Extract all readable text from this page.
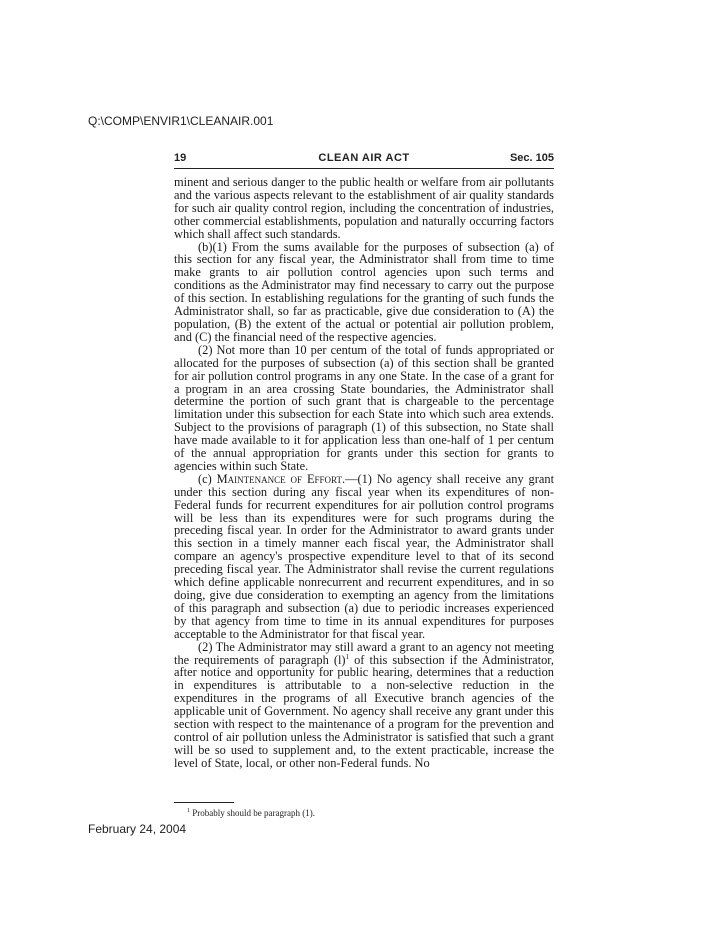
Q:\COMP\ENVIR1\CLEANAIR.001
19	CLEAN AIR ACT	Sec. 105

minent and serious danger to the public health or welfare from air pollutants and the various aspects relevant to the establishment of air quality standards for such air quality control region, including the concentration of industries, other commercial establishments, population and naturally occurring factors which shall affect such standards.

(b)(1) From the sums available for the purposes of subsection (a) of this section for any fiscal year, the Administrator shall from time to time make grants to air pollution control agencies upon such terms and conditions as the Administrator may find necessary to carry out the purpose of this section. In establishing regulations for the granting of such funds the Administrator shall, so far as practicable, give due consideration to (A) the population, (B) the extent of the actual or potential air pollution problem, and (C) the financial need of the respective agencies.

(2) Not more than 10 per centum of the total of funds appropriated or allocated for the purposes of subsection (a) of this section shall be granted for air pollution control programs in any one State. In the case of a grant for a program in an area crossing State boundaries, the Administrator shall determine the portion of such grant that is chargeable to the percentage limitation under this subsection for each State into which such area extends. Subject to the provisions of paragraph (1) of this subsection, no State shall have made available to it for application less than one-half of 1 per centum of the annual appropriation for grants under this section for grants to agencies within such State.

(c) Maintenance of Effort.—(1) No agency shall receive any grant under this section during any fiscal year when its expenditures of non-Federal funds for recurrent expenditures for air pollution control programs will be less than its expenditures were for such programs during the preceding fiscal year. In order for the Administrator to award grants under this section in a timely manner each fiscal year, the Administrator shall compare an agency's prospective expenditure level to that of its second preceding fiscal year. The Administrator shall revise the current regulations which define applicable nonrecurrent and recurrent expenditures, and in so doing, give due consideration to exempting an agency from the limitations of this paragraph and subsection (a) due to periodic increases experienced by that agency from time to time in its annual expenditures for purposes acceptable to the Administrator for that fiscal year.

(2) The Administrator may still award a grant to an agency not meeting the requirements of paragraph $(l)^1$ of this subsection if the Administrator, after notice and opportunity for public hearing, determines that a reduction in expenditures is attributable to a non-selective reduction in the expenditures in the programs of all Executive branch agencies of the applicable unit of Government. No agency shall receive any grant under this section with respect to the maintenance of a program for the prevention and control of air pollution unless the Administrator is satisfied that such a grant will be so used to supplement and, to the extent practicable, increase the level of State, local, or other non-Federal funds. No

$^1$ Probably should be paragraph (1).
February 24, 2004
